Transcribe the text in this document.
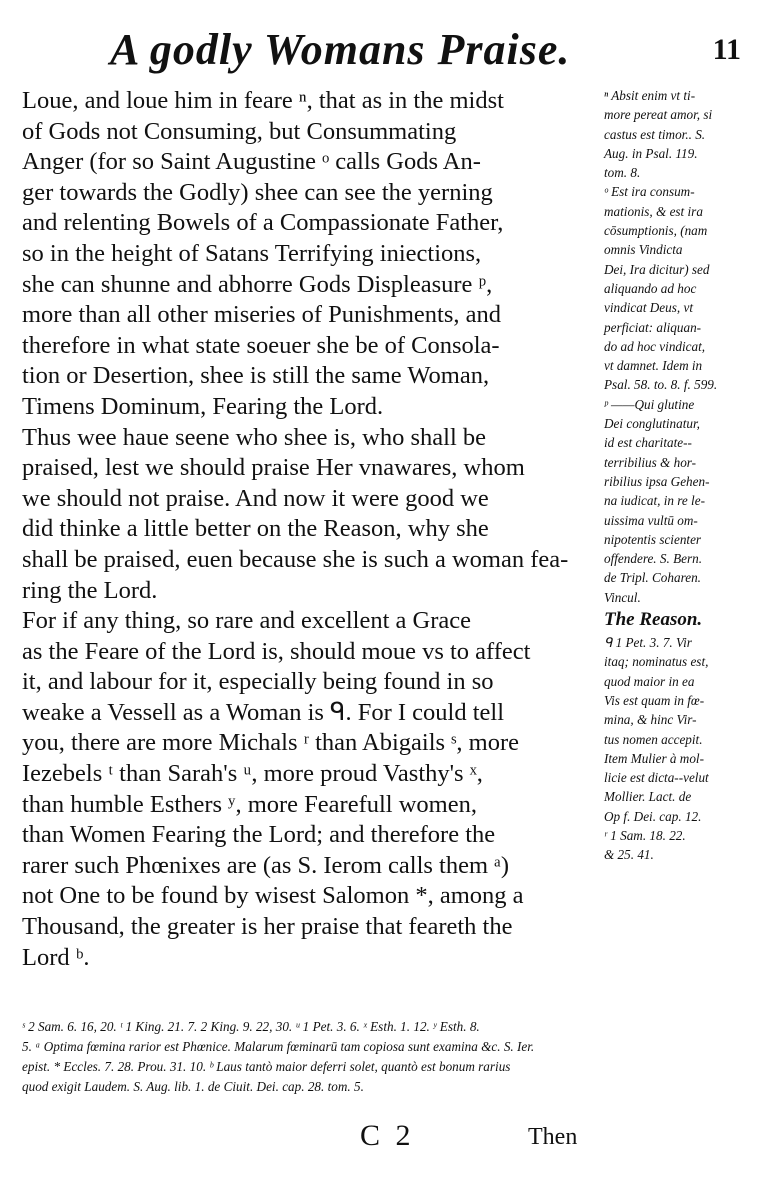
A godly Womans Praise.	11
Loue, and loue him in feare ⁿ, that as in the midst
of Gods not Consuming, but Consummating
Anger (for so Saint Augustine ᵒ calls Gods An-
ger towards the Godly) shee can see the yerning
and relenting Bowels of a Compassionate Father,
so in the height of Satans Terrifying iniections,
she can shunne and abhorre Gods Displeasure ᵖ,
more than all other miseries of Punishments, and
therefore in what state soeuer she be of Consola-
tion or Desertion, shee is still the same Woman,
Timens Dominum, Fearing the Lord.
Thus wee haue seene who shee is, who shall be
praised, lest we should praise Her vnawares, whom
we should not praise. And now it were good we
did thinke a little better on the Reason, why she
shall be praised, euen because she is such a woman fea-
ring the Lord.
For if any thing, so rare and excellent a Grace
as the Feare of the Lord is, should moue vs to affect
it, and labour for it, especially being found in so
weake a Vessell as a Woman is ᑫ. For I could tell
you, there are more Michals ʳ than Abigails ˢ, more
Iezebels ᵗ than Sarah's ᵘ, more proud Vasthy's ˣ,
than humble Esthers ʸ, more Fearefull women,
than Women Fearing the Lord; and therefore the
rarer such Phœnixes are (as S. Ierom calls them ᵃ)
not One to be found by wisest Salomon *, among a
Thousand, the greater is her praise that feareth the
Lord ᵇ.
ⁿ Absit enim vt ti-
more pereat amor, si
castus est timor.. S.
Aug. in Psal. 119.
tom. 8.
ᵒ Est ira consum-
mationis, & est ira
cōsumptionis, (nam
omnis Vindicta
Dei, Ira dicitur) sed
aliquando ad hoc
vindicat Deus, vt
perficiat: aliquan-
do ad hoc vindicat,
vt damnet. Idem in
Psal. 58. to. 8. f. 599.
ᵖ ——Qui glutine
Dei conglutinatur,
id est charitate--
terribilius & hor-
ribilius ipsa Gehen-
na iudicat, in re le-
uissima vultū om-
nipotentis scienter
offendere. S. Bern.
de Tripl. Coharen.
Vincul.
The Reason.
ᑫ 1 Pet. 3. 7. Vir
itaq; nominatus est,
quod maior in ea
Vis est quam in fœ-
mina, & hinc Vir-
tus nomen accepit.
Item Mulier à mol-
licie est dicta--velut
Mollier. Lact. de
Op f. Dei. cap. 12.
ʳ 1 Sam. 18. 22.
& 25. 41.
ˢ 2 Sam. 6. 16, 20. ᵗ 1 King. 21. 7. 2 King. 9. 22, 30. ᵘ 1 Pet. 3. 6. ˣ Esth. 1. 12. ʸ Esth. 8.
5. ᵃ Optima fœmina rarior est Phœnice. Malarum fœminarū tam copiosa sunt examina &c. S. Ier.
epist. * Eccles. 7. 28. Prou. 31. 10. ᵇ Laus tantò maior deferri solet, quantò est bonum rarius
quod exigit Laudem. S. Aug. lib. 1. de Ciuit. Dei. cap. 28. tom. 5.
C 2	Then
